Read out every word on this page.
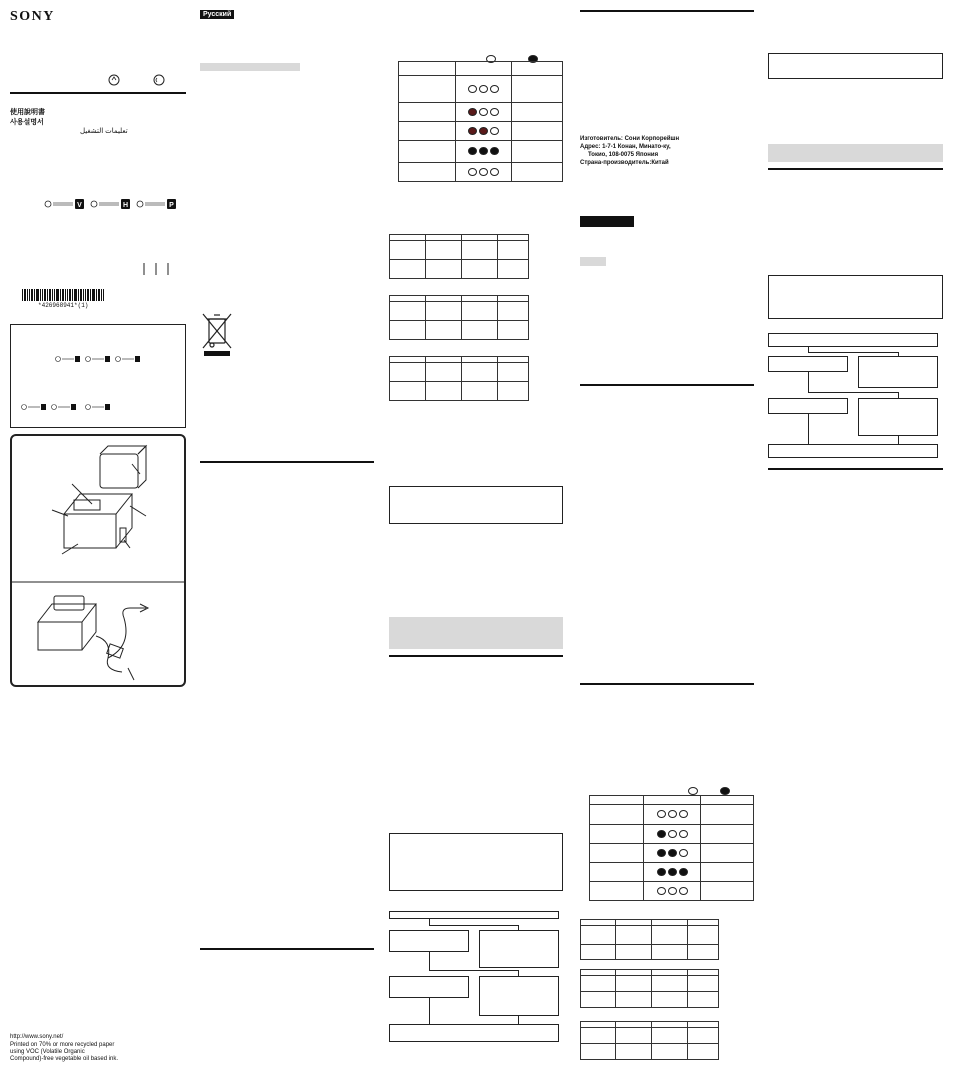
SONY
使用說明書
사용설명서
تعليمات التشغيل
V	H	P
*426968941*(1)
http://www.sony.net/
Printed on 70% or more recycled paper
using VOC (Volatile Organic
Compound)-free vegetable oil based ink.
Русский

Изготовитель: Сони Корпорейшн
Адрес: 1-7-1 Конан, Минато-ку,
Токио, 108-0075 Япония
Страна-производитель:Китай
